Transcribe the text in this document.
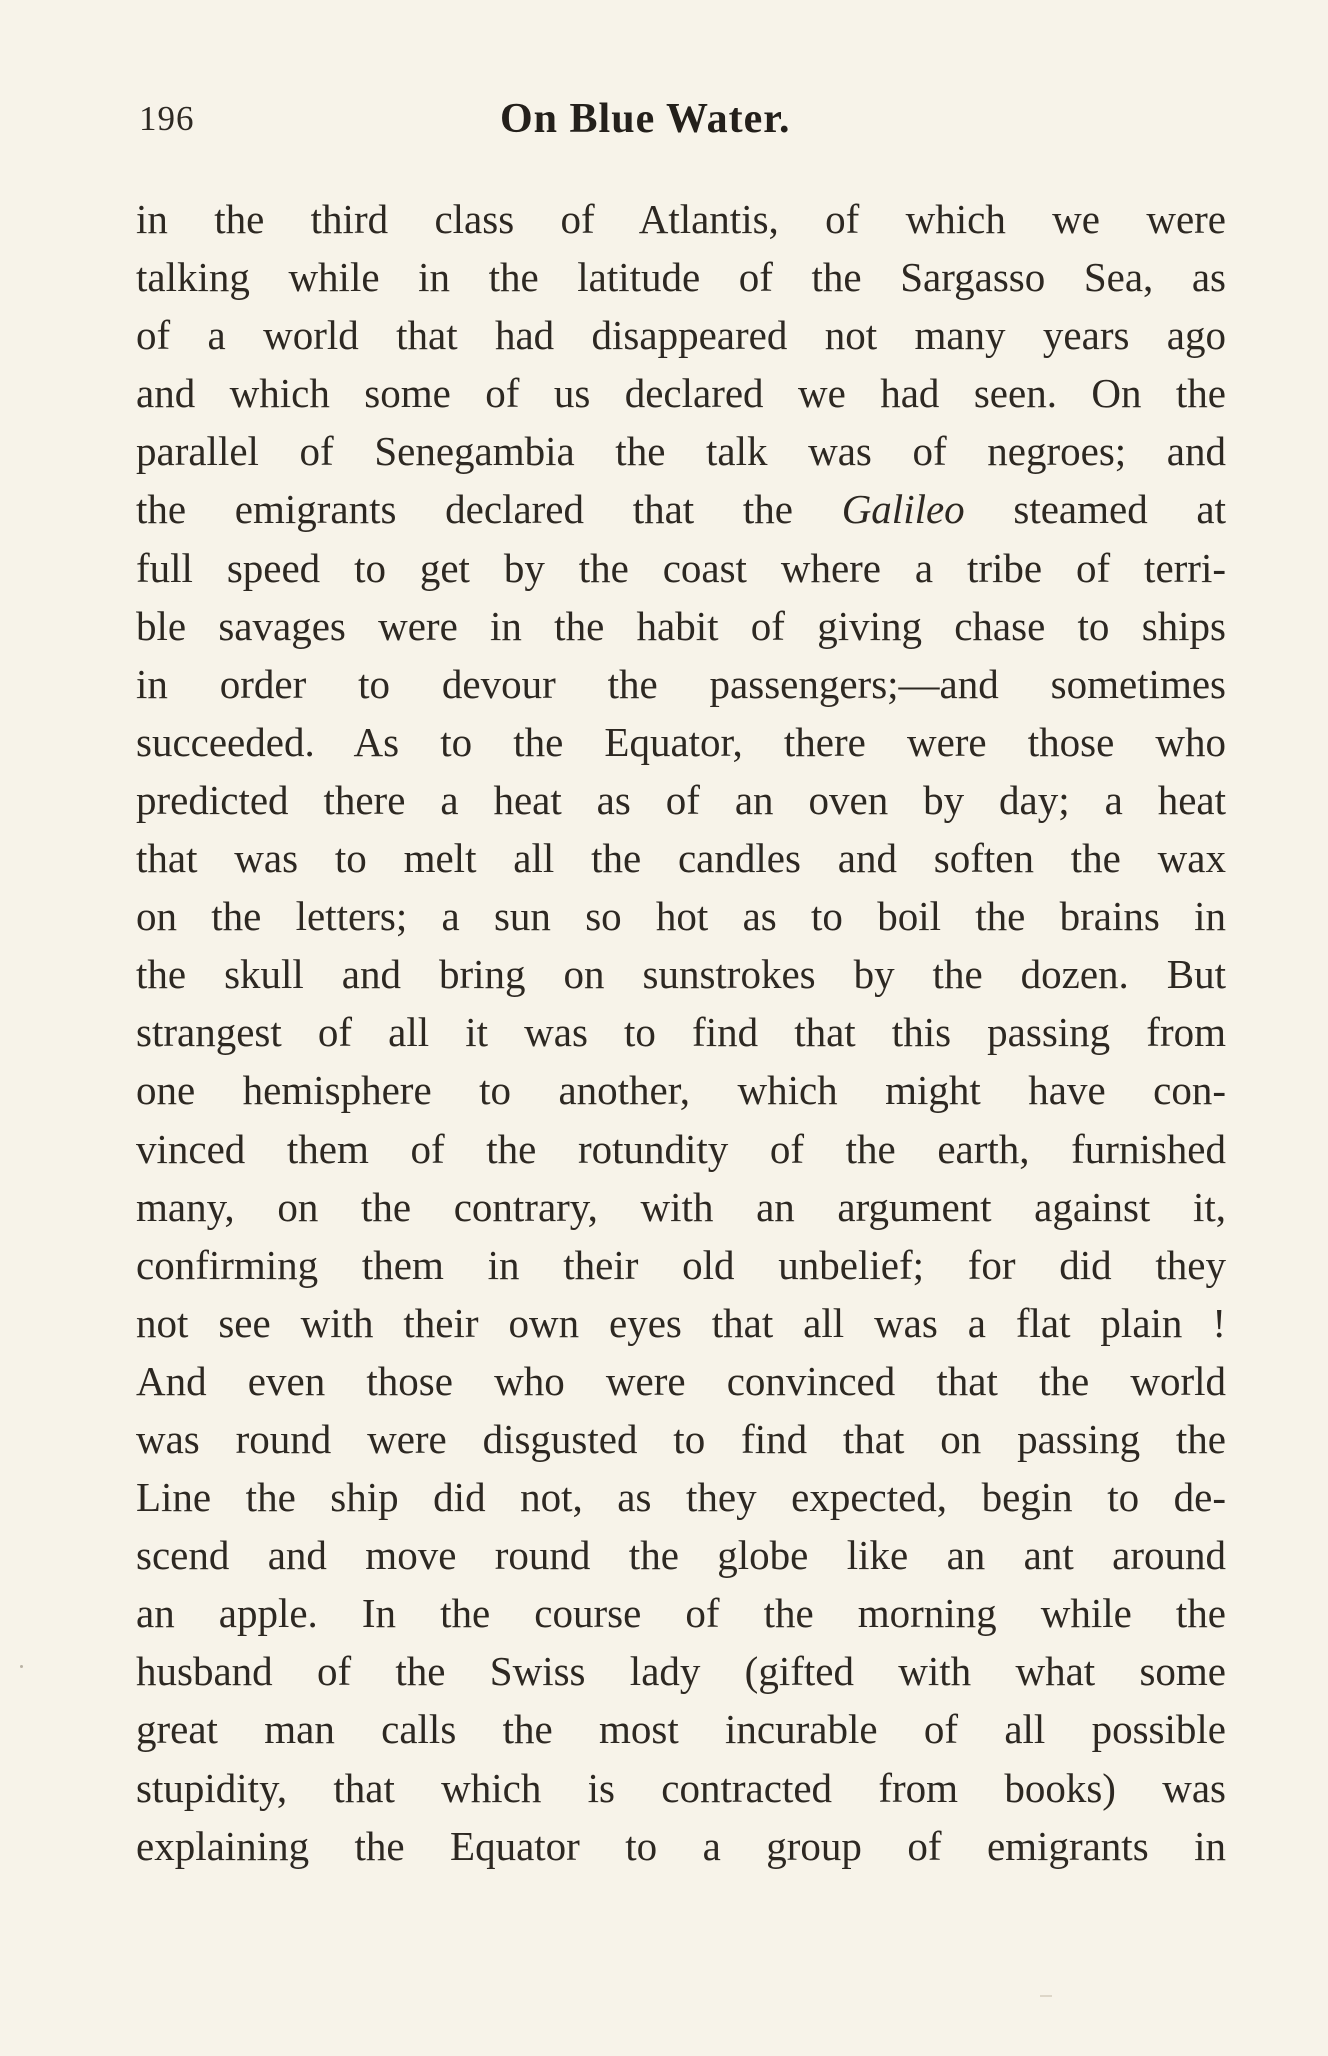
196	On Blue Water.
in the third class of Atlantis, of which we were
talking while in the latitude of the Sargasso Sea, as
of a world that had disappeared not many years ago
and which some of us declared we had seen. On the
parallel of Senegambia the talk was of negroes; and
the emigrants declared that the Galileo steamed at
full speed to get by the coast where a tribe of terri-
ble savages were in the habit of giving chase to ships
in order to devour the passengers;—and sometimes
succeeded. As to the Equator, there were those who
predicted there a heat as of an oven by day; a heat
that was to melt all the candles and soften the wax
on the letters; a sun so hot as to boil the brains in
the skull and bring on sunstrokes by the dozen. But
strangest of all it was to find that this passing from
one hemisphere to another, which might have con-
vinced them of the rotundity of the earth, furnished
many, on the contrary, with an argument against it,
confirming them in their old unbelief; for did they
not see with their own eyes that all was a flat plain !
And even those who were convinced that the world
was round were disgusted to find that on passing the
Line the ship did not, as they expected, begin to de-
scend and move round the globe like an ant around
an apple. In the course of the morning while the
husband of the Swiss lady (gifted with what some
great man calls the most incurable of all possible
stupidity, that which is contracted from books) was
explaining the Equator to a group of emigrants in
